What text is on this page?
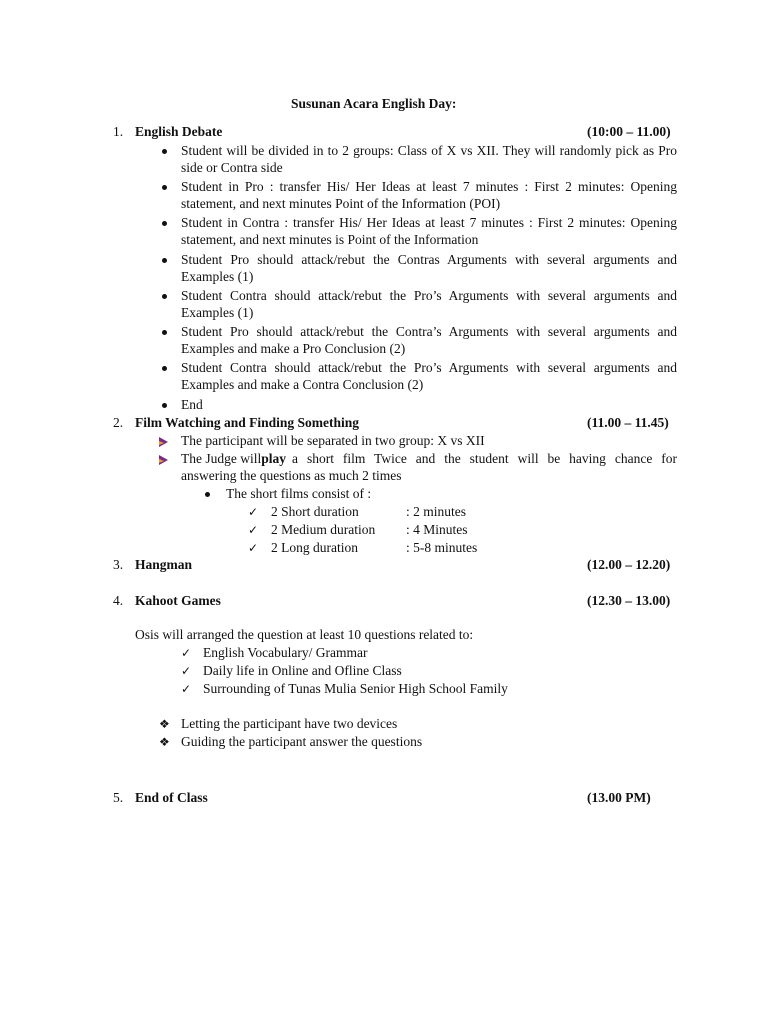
Susunan Acara English Day:
1. English Debate	(10:00 – 11.00)
Student will be divided in to 2 groups: Class of X vs XII. They will randomly pick as Pro
side or Contra side
Student in Pro : transfer His/ Her Ideas at least 7 minutes : First 2 minutes: Opening
statement, and next minutes Point of the Information (POI)
Student in Contra : transfer His/ Her Ideas at least 7 minutes : First 2 minutes: Opening
statement, and next minutes is Point of the Information
Student Pro should attack/rebut the Contras Arguments with several arguments and
Examples (1)
Student Contra should attack/rebut the Pro’s Arguments with several arguments and
Examples (1)
Student Pro should attack/rebut the Contra’s Arguments with several arguments and
Examples and make a Pro Conclusion (2)
Student Contra should attack/rebut the Pro’s Arguments with several arguments and
Examples and make a Contra Conclusion (2)
End
2. Film Watching and Finding Something	(11.00 – 11.45)
The participant will be separated in two group: X vs XII
The Judge will play a short film Twice and the student will be having chance for
answering the questions as much 2 times
The short films consist of :
✓ 2 Short duration	: 2 minutes
✓ 2 Medium duration : 4 Minutes
✓ 2 Long duration	: 5-8 minutes
3. Hangman	(12.00 – 12.20)
4. Kahoot Games	(12.30 – 13.00)
Osis will arranged the question at least 10 questions related to:
✓ English Vocabulary/ Grammar
✓ Daily life in Online and Ofline Class
✓ Surrounding of Tunas Mulia Senior High School Family
❖ Letting the participant have two devices
❖ Guiding the participant answer the questions
5. End of Class	(13.00 PM)
